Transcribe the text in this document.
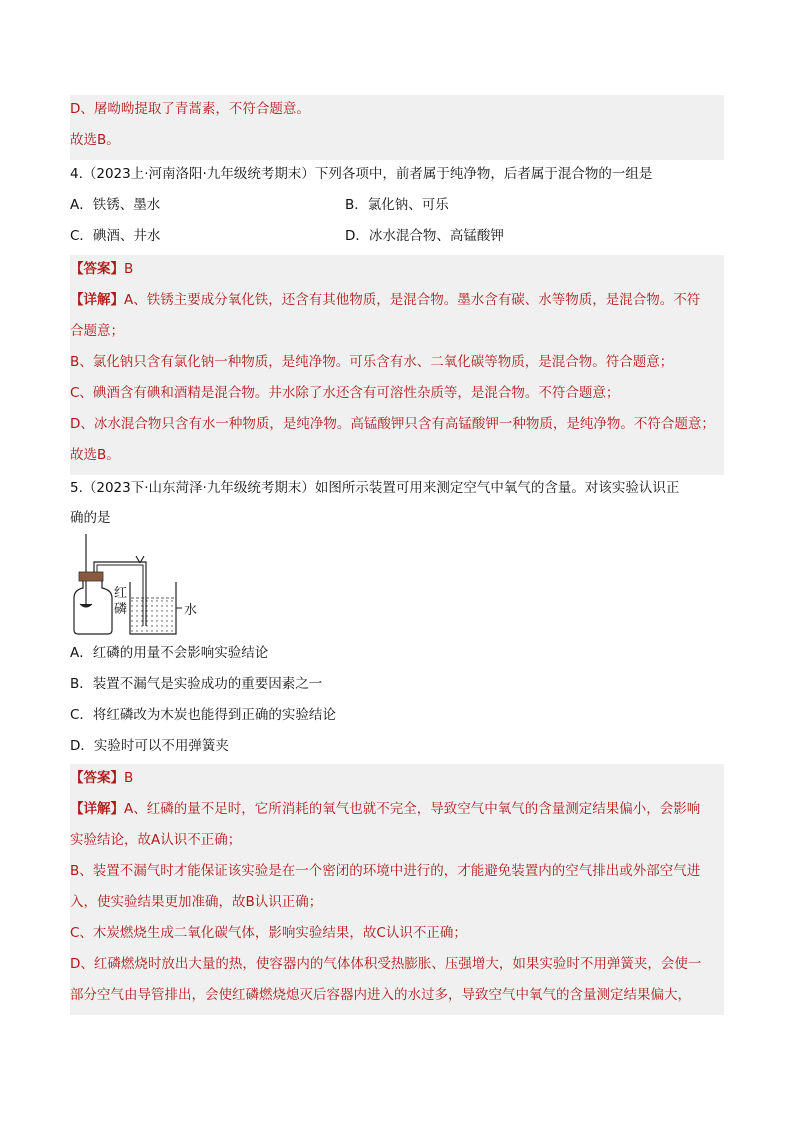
D、屠呦呦提取了青蒿素，不符合题意。
故选B。
4.（2023上·河南洛阳·九年级统考期末）下列各项中，前者属于纯净物，后者属于混合物的一组是
A．铁锈、墨水	B．氯化钠、可乐
C．碘酒、井水	D．冰水混合物、高锰酸钾
【答案】B
【详解】A、铁锈主要成分氧化铁，还含有其他物质，是混合物。墨水含有碳、水等物质，是混合物。不符
合题意；
B、氯化钠只含有氯化钠一种物质，是纯净物。可乐含有水、二氧化碳等物质，是混合物。符合题意；
C、碘酒含有碘和酒精是混合物。井水除了水还含有可溶性杂质等，是混合物。不符合题意；
D、冰水混合物只含有水一种物质，是纯净物。高锰酸钾只含有高锰酸钾一种物质，是纯净物。不符合题意；
故选B。
5.（2023下·山东菏泽·九年级统考期末）如图所示装置可用来测定空气中氧气的含量。对该实验认识正
确的是
红
磷	水
A．红磷的用量不会影响实验结论
B．装置不漏气是实验成功的重要因素之一
C．将红磷改为木炭也能得到正确的实验结论
D．实验时可以不用弹簧夹
【答案】B
【详解】A、红磷的量不足时，它所消耗的氧气也就不完全，导致空气中氧气的含量测定结果偏小，会影响
实验结论，故A认识不正确；
B、装置不漏气时才能保证该实验是在一个密闭的环境中进行的，才能避免装置内的空气排出或外部空气进
入，使实验结果更加准确，故B认识正确；
C、木炭燃烧生成二氧化碳气体，影响实验结果，故C认识不正确；
D、红磷燃烧时放出大量的热，使容器内的气体体积受热膨胀、压强增大，如果实验时不用弹簧夹，会使一
部分空气由导管排出，会使红磷燃烧熄灭后容器内进入的水过多，导致空气中氧气的含量测定结果偏大，
